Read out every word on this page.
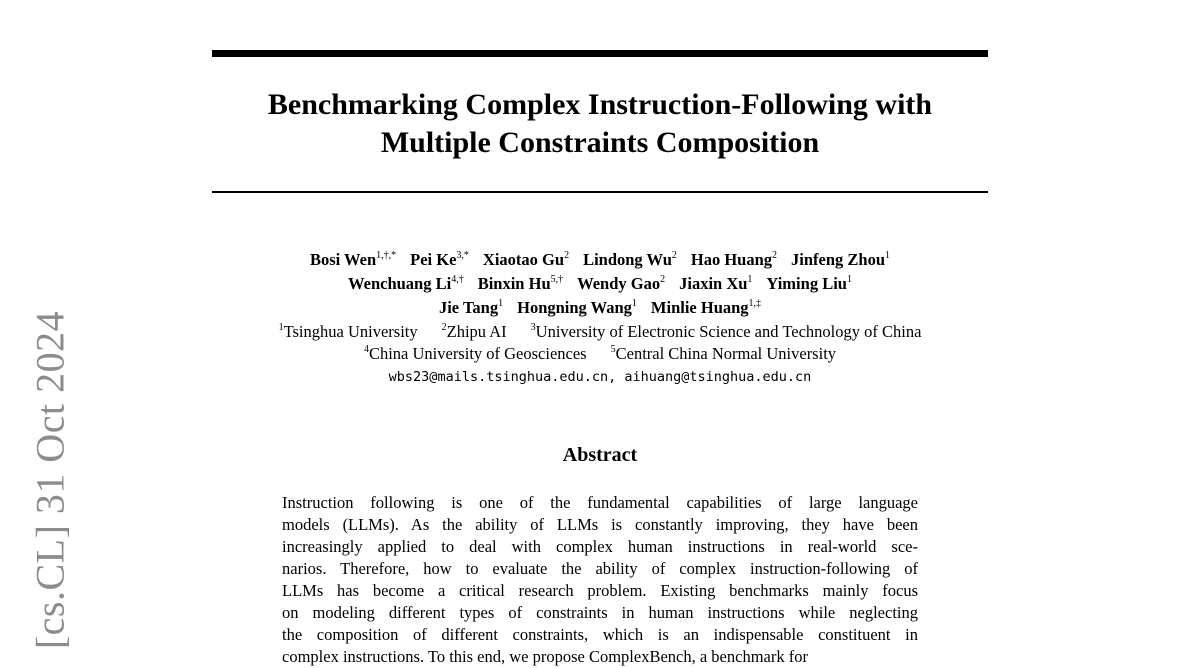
Benchmarking Complex Instruction-Following with
Multiple Constraints Composition
Bosi Wen$^{1,\dagger,*}$ Pei $Ke^{3,*}$ Xiaotao Gu$^2$ Lindong Wu$^2$ Hao Huang$^2$ Jinfeng Zhou$^1$
Wenchuang $Li^{4,\dagger}$ Binxin $Hu^{5,\dagger}$ Wendy Gao$^2$ Jiaxin Xu$^1$ Yiming Liu$^1$
Jie Tang$^1$ Hongning Wang$^1$ Minlie Huang$^{1,\ddagger}$
$^1$Tsinghua University $^2$Zhipu AI $^3$University of Electronic Science and Technology of China
$^4$China University of Geosciences $^5$Central China Normal University
wbs23@mails.tsinghua.edu.cn, aihuang@tsinghua.edu.cn
Abstract
Instruction following is one of the fundamental capabilities of large language
models (LLMs). As the ability of LLMs is constantly improving, they have been
increasingly applied to deal with complex human instructions in real-world sce-
narios. Therefore, how to evaluate the ability of complex instruction-following of
LLMs has become a critical research problem. Existing benchmarks mainly focus
on modeling different types of constraints in human instructions while neglecting
the composition of different constraints, which is an indispensable constituent in
complex instructions. To this end, we propose ComplexBench, a benchmark for
[cs.CL] 31 Oct 2024
